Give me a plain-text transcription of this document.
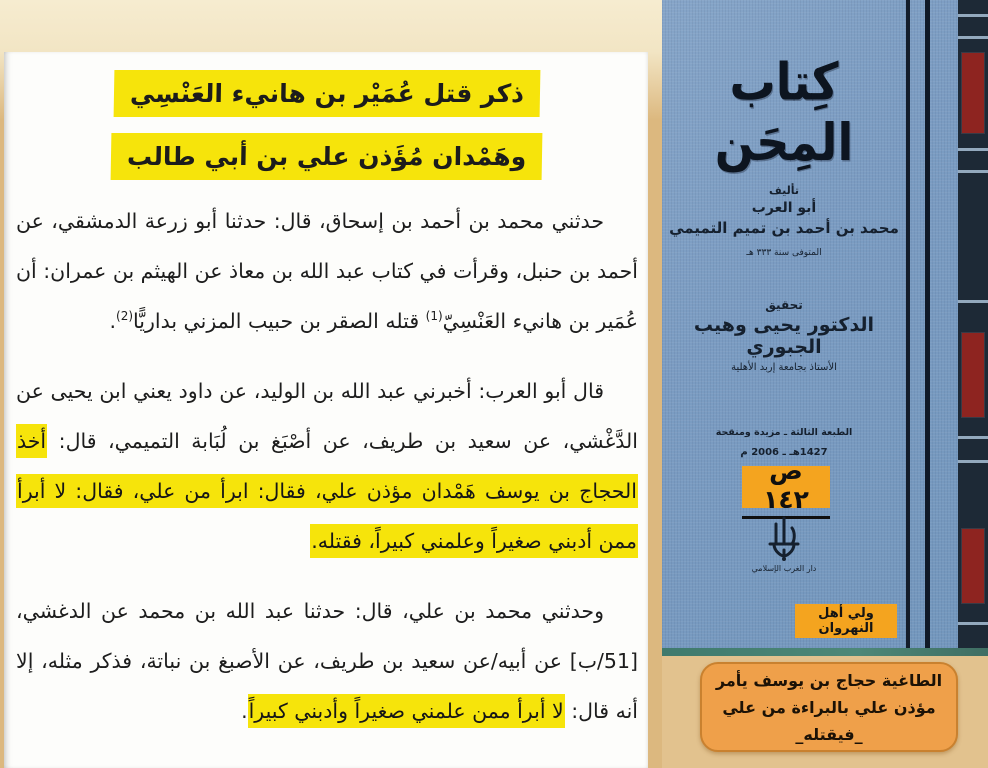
ذكر قتل عُمَيْر بن هانيء العَنْسِي
وهَمْدان مُؤَذن علي بن أبي طالب

حدثني محمد بن أحمد بن إسحاق، قال: حدثنا أبو زرعة الدمشقي، عن أحمد بن حنبل، وقرأت في كتاب عبد الله بن معاذ عن الهيثم بن عمران: أن عُمَير بن هانيء العَنْسِيّ$^{(1)}$ قتله الصقر بن حبيب المزني بداريًّا$^{(2)}$.

قال أبو العرب: أخبرني عبد الله بن الوليد، عن داود يعني ابن يحيى عن الدَّغْشي، عن سعيد بن طريف، عن أصْبَغ بن لُبَابة التميمي، قال: أخذ الحجاج بن يوسف هَمْدان مؤذن علي، فقال: ابرأ من علي، فقال: لا أبرأ ممن أدبني صغيراً وعلمني كبيراً، فقتله.

وحدثني محمد بن علي، قال: حدثنا عبد الله بن محمد عن الدغشي، [51/ب] عن أبيه/عن سعيد بن طريف، عن الأصبغ بن نباتة، فذكر مثله، إلا أنه قال: لا أبرأ ممن علمني صغيراً وأدبني كبيراً.

كِتاب المِحَن
تأليف
أبو العرب
محمد بن أحمد بن تميم التميمي
المتوفى سنة ٣٣٣ هـ
تحقيق
الدكتور يحيى وهيب الجبوري
الأستاذ بجامعة إربد الأهلية
الطبعة الثالثة ـ مزيدة ومنقحة
1427هـ ـ 2006 م
ص ١٤٢
دار الغرب الإسلامي
ولي أهل النهروان
الطاغية حجاج بن يوسف يأمر
مؤذن علي بالبراءة من علي
_فيقتله_
